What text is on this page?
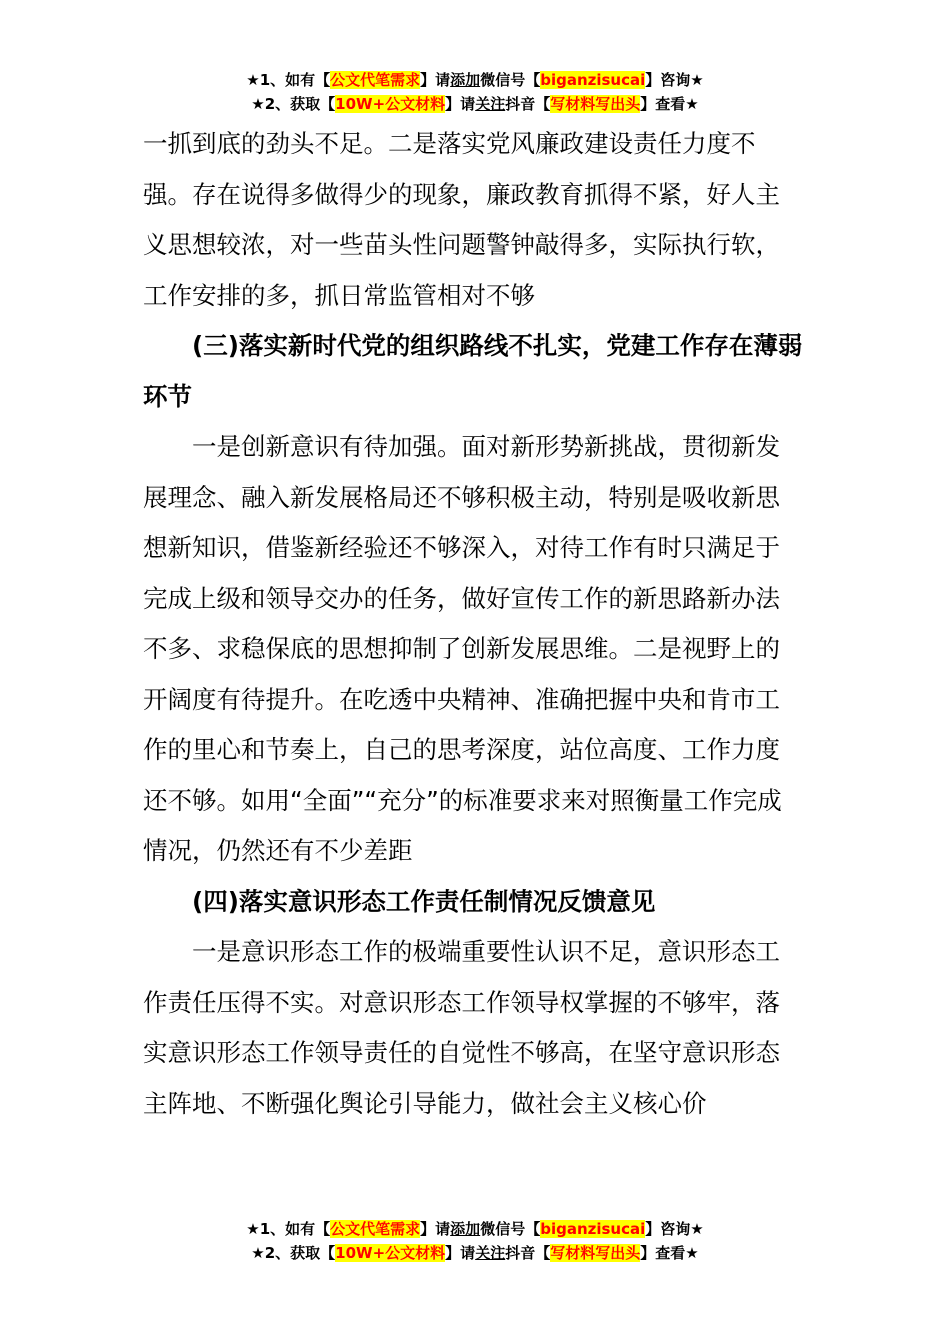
★1、如有【公文代笔需求】请添加微信号【biganzisucai】咨询★
★2、获取【10W+公文材料】请关注抖音【写材料写出头】查看★

一抓到底的劲头不足。二是落实党风廉政建设责任力度不强。存在说得多做得少的现象，廉政教育抓得不紧，好人主义思想较浓，对一些苗头性问题警钟敲得多，实际执行软，工作安排的多，抓日常监管相对不够

(三)落实新时代党的组织路线不扎实，党建工作存在薄弱环节

一是创新意识有待加强。面对新形势新挑战，贯彻新发展理念、融入新发展格局还不够积极主动，特别是吸收新思想新知识，借鉴新经验还不够深入，对待工作有时只满足于完成上级和领导交办的任务，做好宣传工作的新思路新办法不多、求稳保底的思想抑制了创新发展思维。二是视野上的开阔度有待提升。在吃透中央精神、准确把握中央和肯市工作的里心和节奏上，自己的思考深度，站位高度、工作力度还不够。如用“全面”“充分”的标准要求来对照衡量工作完成情况，仍然还有不少差距

(四)落实意识形态工作责任制情况反馈意见

一是意识形态工作的极端重要性认识不足，意识形态工作责任压得不实。对意识形态工作领导权掌握的不够牢，落实意识形态工作领导责任的自觉性不够高，在坚守意识形态主阵地、不断强化舆论引导能力，做社会主义核心价

★1、如有【公文代笔需求】请添加微信号【biganzisucai】咨询★
★2、获取【10W+公文材料】请关注抖音【写材料写出头】查看★
